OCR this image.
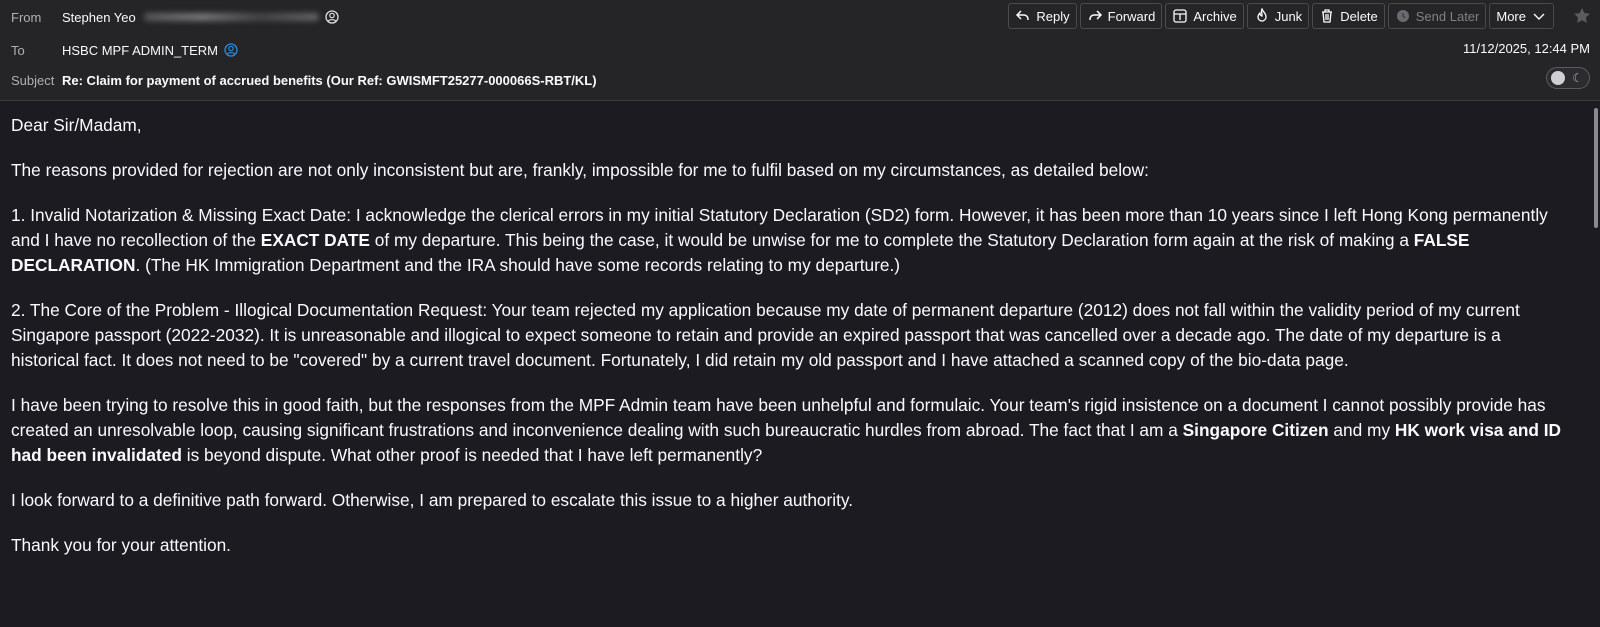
From Stephen Yeo
To	HSBC MPF ADMIN_TERM
Subject Re: Claim for payment of accrued benefits (Our Ref: GWISMFT25277-000066S-RBT/KL)
Reply	Forward	Archive	Junk	Delete	Send Later More
11/12/2025, 12:44 PM
☾

Dear Sir/Madam,

The reasons provided for rejection are not only inconsistent but are, frankly, impossible for me to fulfil based on my circumstances, as detailed below:

1. Invalid Notarization & Missing Exact Date: I acknowledge the clerical errors in my initial Statutory Declaration (SD2) form. However, it has been more than 10 years since I left Hong Kong permanently and I have no recollection of the EXACT DATE of my departure. This being the case, it would be unwise for me to complete the Statutory Declaration form again at the risk of making a FALSE DECLARATION. (The HK Immigration Department and the IRA should have some records relating to my departure.)

2. The Core of the Problem - Illogical Documentation Request: Your team rejected my application because my date of permanent departure (2012) does not fall within the validity period of my current Singapore passport (2022-2032). It is unreasonable and illogical to expect someone to retain and provide an expired passport that was cancelled over a decade ago. The date of my departure is a historical fact. It does not need to be "covered" by a current travel document. Fortunately, I did retain my old passport and I have attached a scanned copy of the bio-data page.

I have been trying to resolve this in good faith, but the responses from the MPF Admin team have been unhelpful and formulaic. Your team's rigid insistence on a document I cannot possibly provide has created an unresolvable loop, causing significant frustrations and inconvenience dealing with such bureaucratic hurdles from abroad. The fact that I am a Singapore Citizen and my HK work visa and ID had been invalidated is beyond dispute. What other proof is needed that I have left permanently?

I look forward to a definitive path forward. Otherwise, I am prepared to escalate this issue to a higher authority.

Thank you for your attention.
